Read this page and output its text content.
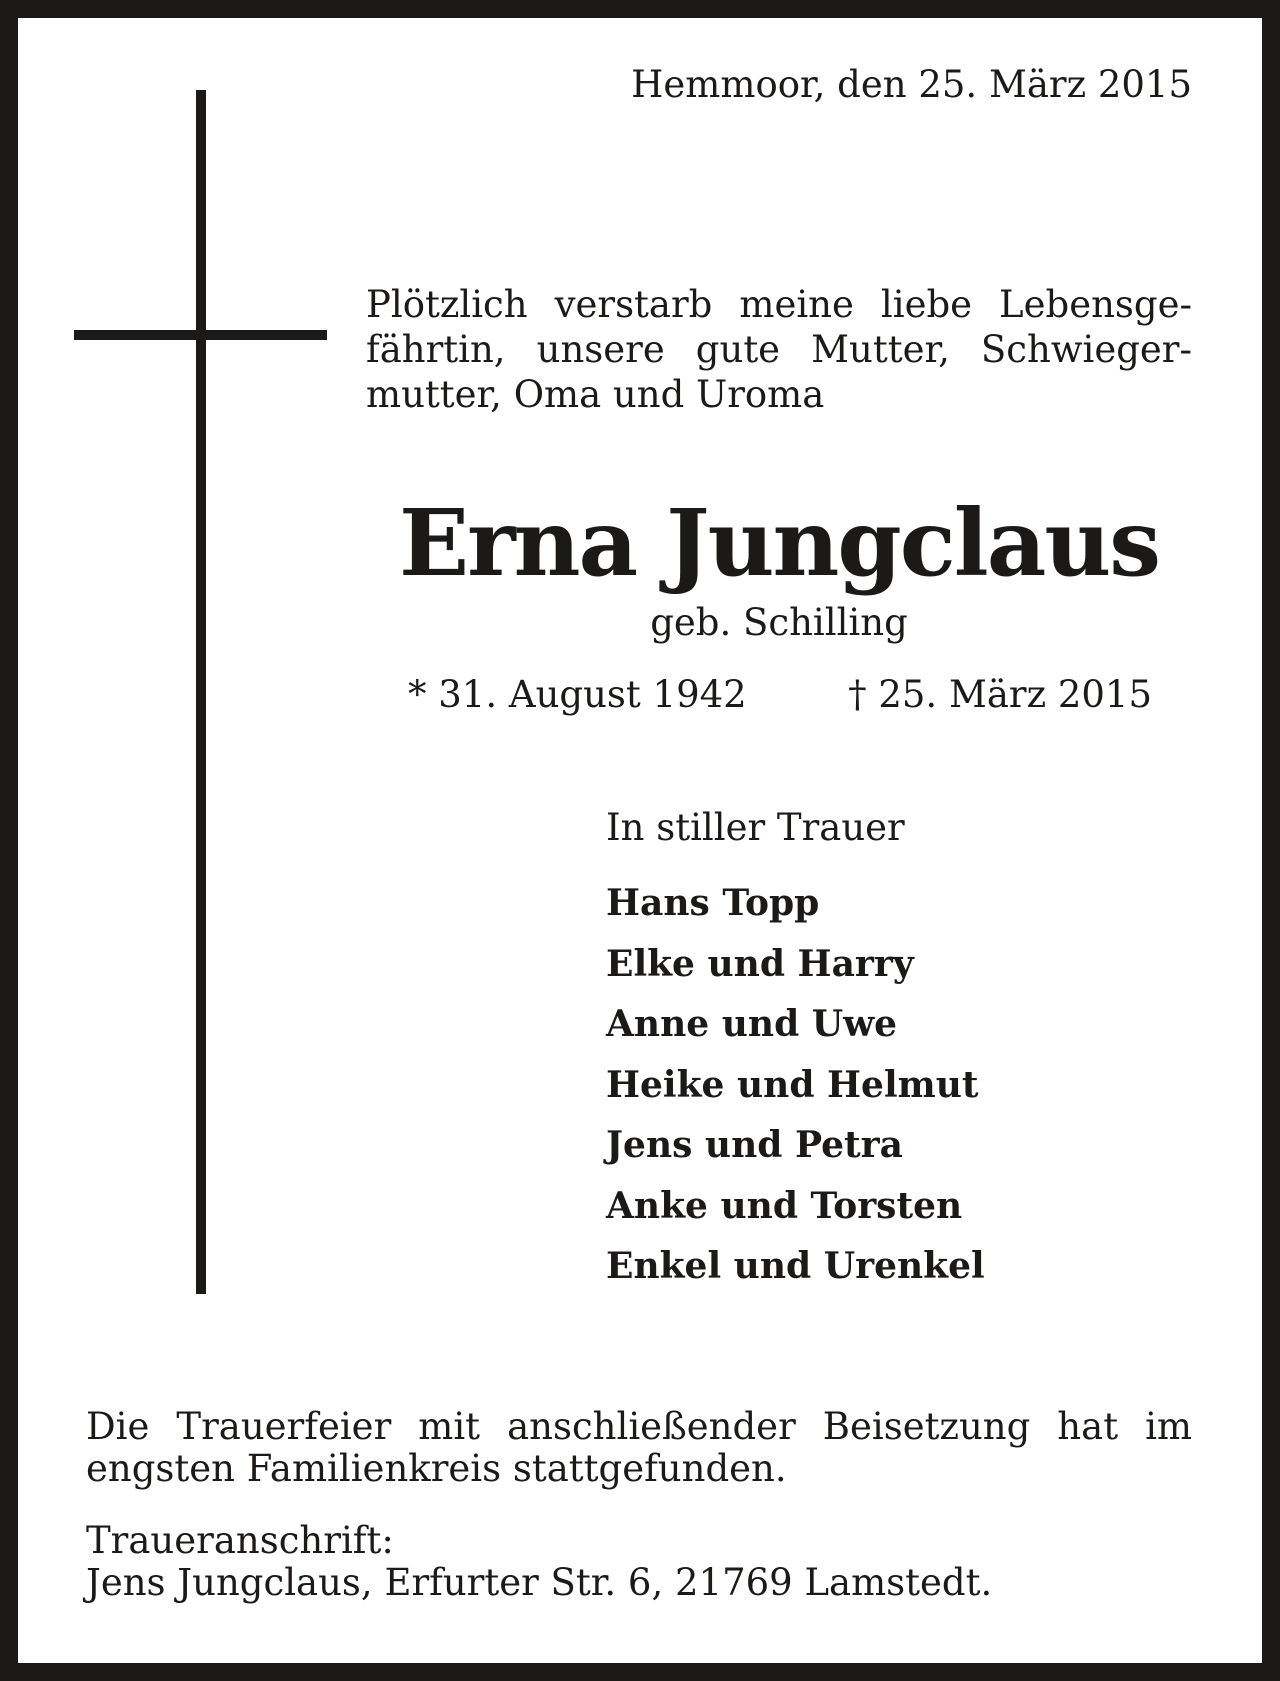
Hemmoor, den 25. März 2015
Plötzlich verstarb meine liebe Lebensge-
fährtin, unsere gute Mutter, Schwieger-
mutter, Oma und Uroma
Erna Jungclaus
geb. Schilling
* 31. August 1942	† 25. März 2015
In stiller Trauer
Hans Topp
Elke und Harry
Anne und Uwe
Heike und Helmut
Jens und Petra
Anke und Torsten
Enkel und Urenkel
Die Trauerfeier mit anschließender Beisetzung hat im
engsten Familienkreis stattgefunden.
Traueranschrift:
Jens Jungclaus, Erfurter Str. 6, 21769 Lamstedt.
